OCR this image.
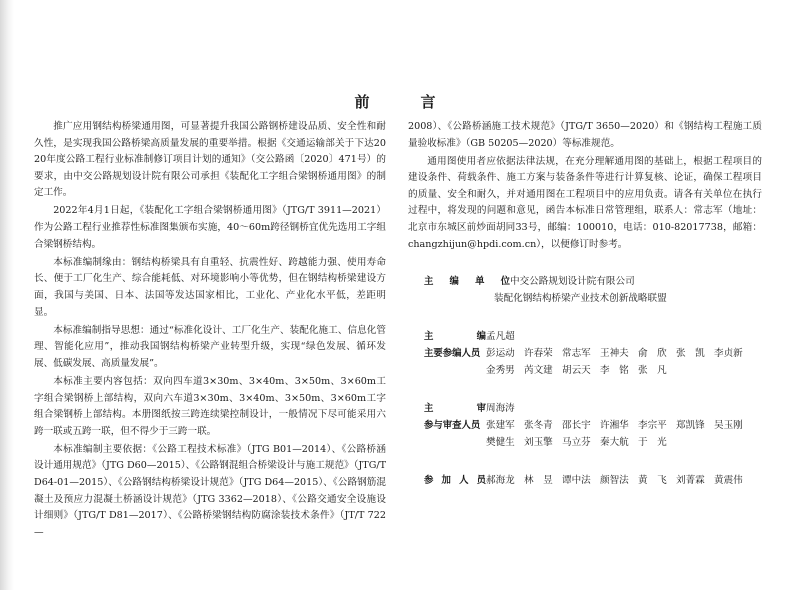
前　言

推广应用钢结构桥梁通用图，可显著提升我国公路钢桥建设品质、安全性和耐久性，是实现我国公路桥梁高质量发展的重要举措。根据《交通运输部关于下达2020年度公路工程行业标准制修订项目计划的通知》（交公路函〔2020〕471号）的要求，由中交公路规划设计院有限公司承担《装配化工字组合梁钢桥通用图》的制定工作。

2022年4月1日起，《装配化工字组合梁钢桥通用图》（JTG/T 3911—2021）作为公路工程行业推荐性标准图集颁布实施，40～60m跨径钢桥宜优先选用工字组合梁钢桥结构。

本标准编制缘由：钢结构桥梁具有自重轻、抗震性好、跨越能力强、使用寿命长、便于工厂化生产、综合能耗低、对环境影响小等优势，但在钢结构桥梁建设方面，我国与美国、日本、法国等发达国家相比，工业化、产业化水平低，差距明显。

本标准编制指导思想：通过“标准化设计、工厂化生产、装配化施工、信息化管理、智能化应用”，推动我国钢结构桥梁产业转型升级，实现“绿色发展、循环发展、低碳发展、高质量发展”。

本标准主要内容包括：双向四车道3×30m、3×40m、3×50m、3×60m工字组合梁钢桥上部结构，双向六车道3×30m、3×40m、3×50m、3×60m工字组合梁钢桥上部结构。本册图纸按三跨连续梁控制设计，一般情况下尽可能采用六跨一联或五跨一联，但不得少于三跨一联。

本标准编制主要依据：《公路工程技术标准》（JTG B01—2014）、《公路桥涵设计通用规范》（JTG D60—2015）、《公路钢混组合桥梁设计与施工规范》（JTG/T D64-01—2015）、《公路钢结构桥梁设计规范》（JTG D64—2015）、《公路钢筋混凝土及预应力混凝土桥涵设计规范》（JTG 3362—2018）、《公路交通安全设施设计细则》（JTG/T D81—2017）、《公路桥梁钢结构防腐涂装技术条件》（JT/T 722—

2008）、《公路桥涵施工技术规范》（JTG/T 3650—2020）和《钢结构工程施工质量验收标准》（GB 50205—2020）等标准规范。

通用图使用者应依据法律法规，在充分理解通用图的基础上，根据工程项目的建设条件、荷载条件、施工方案与装备条件等进行计算复核、论证，确保工程项目的质量、安全和耐久，并对通用图在工程项目中的应用负责。请各有关单位在执行过程中，将发现的问题和意见，函告本标准日常管理组，联系人：常志军（地址：北京市东城区前炒面胡同33号，邮编：100010，电话：010-82017738，邮箱：changzhijun@hpdi.com.cn），以便修订时参考。

主 编 单 位 中交公路规划设计院有限公司
装配化钢结构桥梁产业技术创新战略联盟
主	编 孟凡超
主要参编人员 彭运动 许春荣 常志军 王神夫 俞　欣 张　凯 李贞新
金秀男 芮文建 胡云天 李　铭 张　凡
主	审 周海涛
参与审查人员 张建军 张冬青 邵长宇 许湘华 李宗平 郑凯锋 吴玉刚
樊健生 刘玉擎 马立芬 秦大航 于　光
参 加 人 员 郝海龙 林　昱 谭中法 颜智法 黄　飞 刘菁霖 黄震伟
